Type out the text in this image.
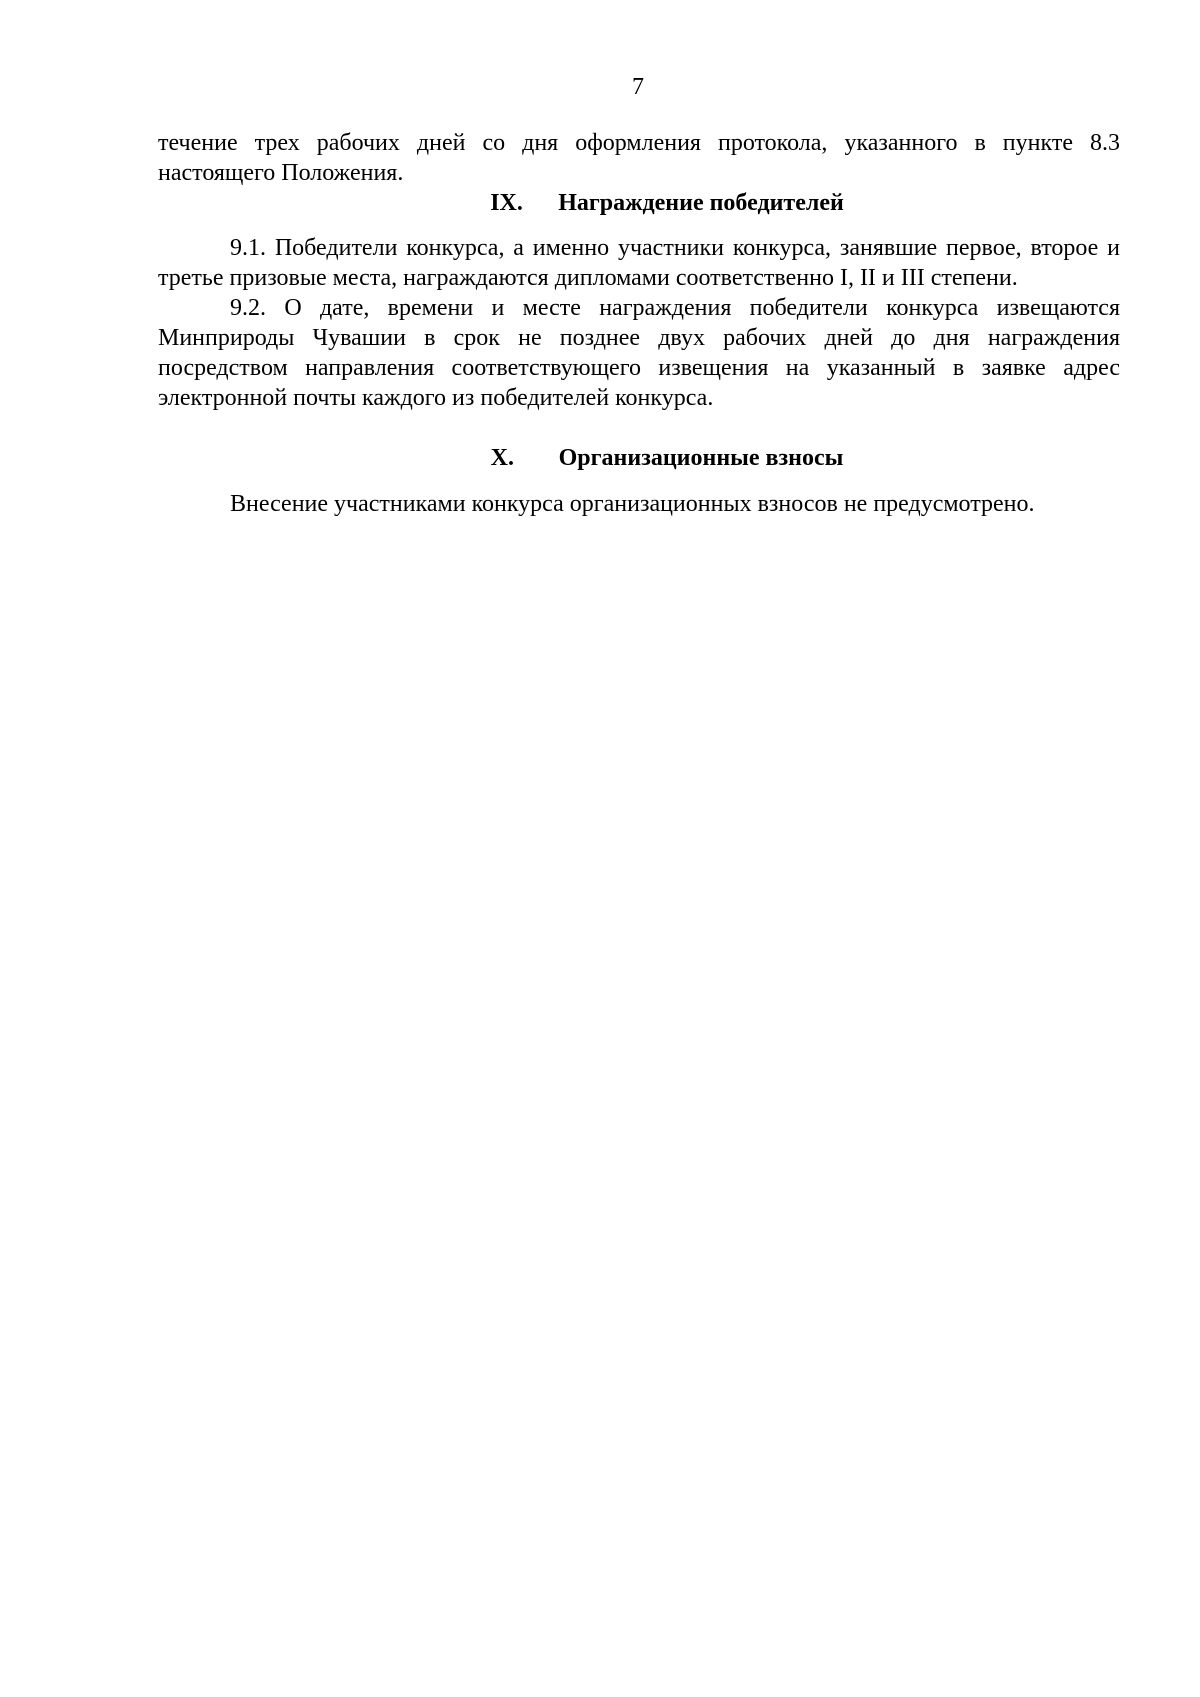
7

течение трех рабочих дней со дня оформления протокола, указанного в пункте 8.3 настоящего Положения.

IX.	Награждение победителей

9.1. Победители конкурса, а именно участники конкурса, занявшие первое, второе и третье призовые места, награждаются дипломами соответственно I, II и III степени.

9.2. О дате, времени и месте награждения победители конкурса извещаются Минприроды Чувашии в срок не позднее двух рабочих дней до дня награждения посредством направления соответствующего извещения на указанный в заявке адрес электронной почты каждого из победителей конкурса.

X.	Организационные взносы

Внесение участниками конкурса организационных взносов не предусмотрено.
